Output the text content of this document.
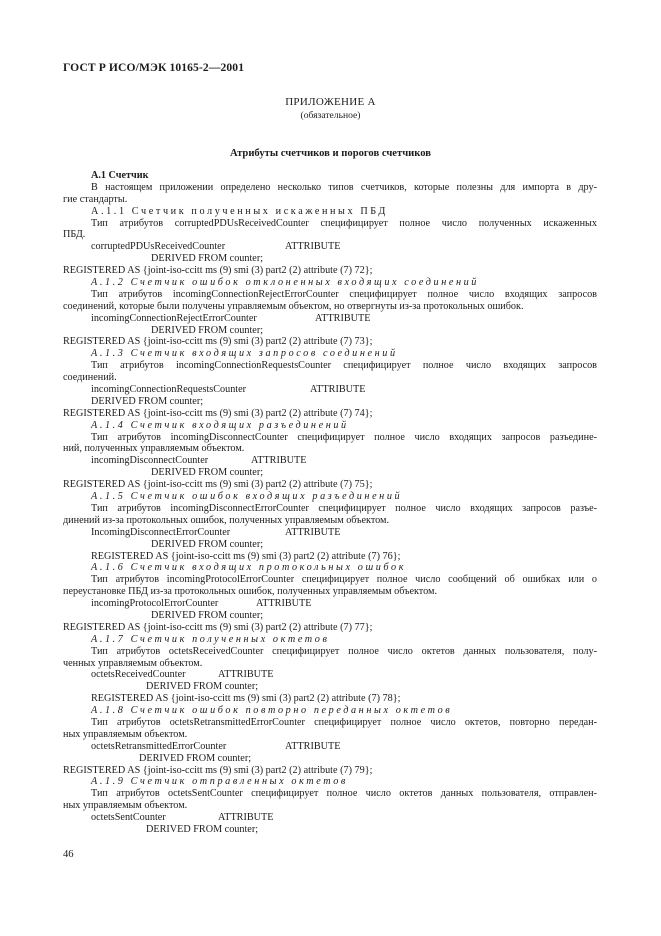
ГОСТ Р ИСО/МЭК 10165-2—2001
ПРИЛОЖЕНИЕ А
(обязательное)
Атрибуты счетчиков и порогов счетчиков
A.1 Счетчик
В настоящем приложении определено несколько типов счетчиков, которые полезны для импорта в дру-
гие стандарты.
A.1.1 Счетчик полученных искаженных ПБД
Тип атрибутов corruptedPDUsReceivedCounter специфицирует полное число полученных искаженных
ПБД.
corruptedPDUsReceivedCounter	ATTRIBUTE
DERIVED FROM counter;
REGISTERED AS {joint-iso-ccitt ms (9) smi (3) part2 (2) attribute (7) 72};
A.1.2 Счетчик ошибок отклоненных входящих соединений
Тип атрибутов incomingConnectionRejectErrorCounter специфицирует полное число входящих запросов
соединений, которые были получены управляемым объектом, но отвергнуты из-за протокольных ошибок.
incomingConnectionRejectErrorCounter	ATTRIBUTE
DERIVED FROM counter;
REGISTERED AS {joint-iso-ccitt ms (9) smi (3) part2 (2) attribute (7) 73};
A.1.3 Счетчик входящих запросов соединений
Тип атрибутов incomingConnectionRequestsCounter специфицирует полное число входящих запросов
соединений.
incomingConnectionRequestsCounter	ATTRIBUTE
DERIVED FROM counter;
REGISTERED AS {joint-iso-ccitt ms (9) smi (3) part2 (2) attribute (7) 74};
A.1.4 Счетчик входящих разъединений
Тип атрибутов incomingDisconnectCounter специфицирует полное число входящих запросов разъедине-
ний, полученных управляемым объектом.
incomingDisconnectCounter	ATTRIBUTE
DERIVED FROM counter;
REGISTERED AS {joint-iso-ccitt ms (9) smi (3) part2 (2) attribute (7) 75};
A.1.5 Счетчик ошибок входящих разъединений
Тип атрибутов incomingDisconnectErrorCounter специфицирует полное число входящих запросов разъе-
динений из-за протокольных ошибок, полученных управляемым объектом.
IncomingDisconnectErrorCounter	ATTRIBUTE
DERIVED FROM counter;
REGISTERED AS {joint-iso-ccitt ms (9) smi (3) part2 (2) attribute (7) 76};
A.1.6 Счетчик входящих протокольных ошибок
Тип атрибутов incomingProtocolErrorCounter специфицирует полное число сообщений об ошибках или о
переустановке ПБД из-за протокольных ошибок, полученных управляемым объектом.
incomingProtocolErrorCounter	ATTRIBUTE
DERIVED FROM counter;
REGISTERED AS {joint-iso-ccitt ms (9) smi (3) part2 (2) attribute (7) 77};
A.1.7 Счетчик полученных октетов
Тип атрибутов octetsReceivedCounter специфицирует полное число октетов данных пользователя, полу-
ченных управляемым объектом.
octetsReceivedCounter	ATTRIBUTE
DERIVED FROM counter;
REGISTERED AS {joint-iso-ccitt ms (9) smi (3) part2 (2) attribute (7) 78};
A.1.8 Счетчик ошибок повторно переданных октетов
Тип атрибутов octetsRetransmittedErrorCounter специфицирует полное число октетов, повторно передан-
ных управляемым объектом.
octetsRetransmittedErrorCounter	ATTRIBUTE
DERIVED FROM counter;
REGISTERED AS {joint-iso-ccitt ms (9) smi (3) part2 (2) attribute (7) 79};
A.1.9 Счетчик отправленных октетов
Тип атрибутов octetsSentCounter специфицирует полное число октетов данных пользователя, отправлен-
ных управляемым объектом.
octetsSentCounter	ATTRIBUTE
DERIVED FROM counter;
46
